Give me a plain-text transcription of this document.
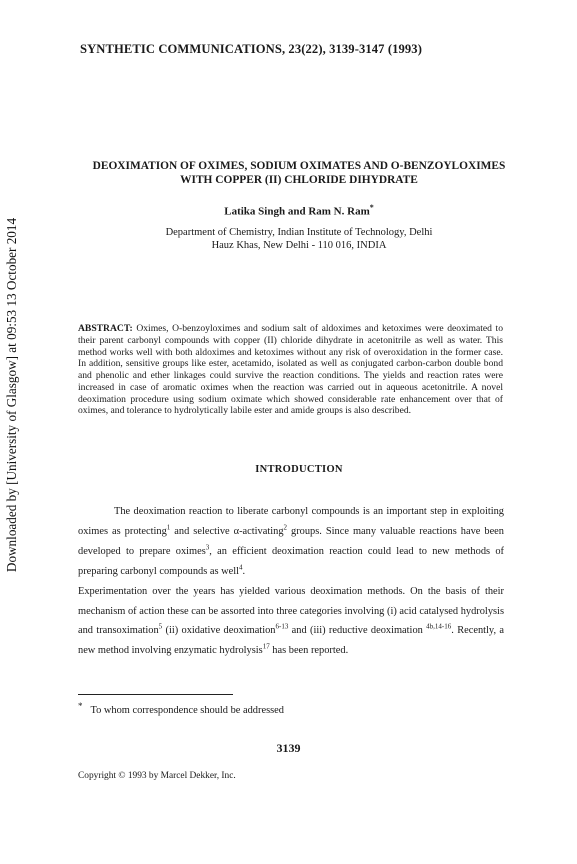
Downloaded by [University of Glasgow] at 09:53 13 October 2014
SYNTHETIC COMMUNICATIONS, 23(22), 3139-3147 (1993)
DEOXIMATION OF OXIMES, SODIUM OXIMATES AND O-BENZOYLOXIMES
WITH COPPER (II) CHLORIDE DIHYDRATE
Latika Singh and Ram N. Ram*
Department of Chemistry, Indian Institute of Technology, Delhi
Hauz Khas, New Delhi - 110 016, INDIA
ABSTRACT: Oximes, O-benzoyloximes and sodium salt of aldoximes and ketoximes were deoximated to their parent carbonyl compounds with copper (II) chloride dihydrate in acetonitrile as well as water. This method works well with both aldoximes and ketoximes without any risk of overoxidation in the former case. In addition, sensitive groups like ester, acetamido, isolated as well as conjugated carbon-carbon double bond and phenolic and ether linkages could survive the reaction conditions. The yields and reaction rates were increased in case of aromatic oximes when the reaction was carried out in aqueous acetonitrile. A novel deoximation procedure using sodium oximate which showed considerable rate enhancement over that of oximes, and tolerance to hydrolytically labile ester and amide groups is also described.
INTRODUCTION

The deoximation reaction to liberate carbonyl compounds is an important step in exploiting oximes as protecting$^1$ and selective α-activating$^2$ groups. Since many valuable reactions have been developed to prepare oximes$^3$, an efficient deoximation reaction could lead to new methods of preparing carbonyl compounds as well$^4$.

Experimentation over the years has yielded various deoximation methods. On the basis of their mechanism of action these can be assorted into three categories involving (i) acid catalysed hydrolysis and transoximation$^5$ (ii) oxidative deoximation$^{6-13}$ and (iii) reductive deoximation $^{4b,14-16}$. Recently, a new method involving enzymatic hydrolysis$^{17}$ has been reported.

* To whom correspondence should be addressed
3139
Copyright © 1993 by Marcel Dekker, Inc.
